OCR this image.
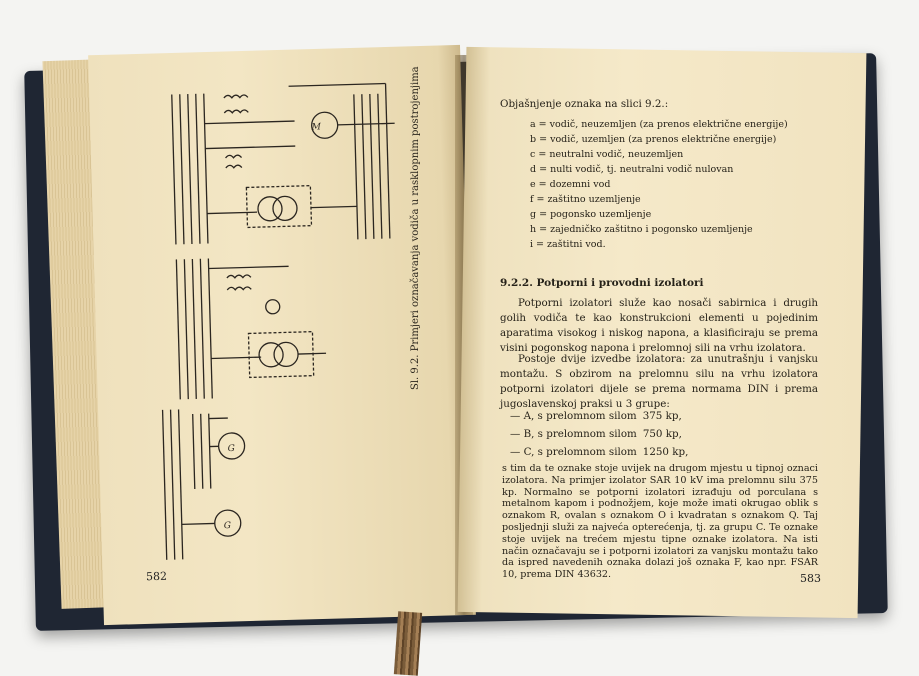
M
G
G
Sl. 9.2. Primjeri označavanja vodiča u rasklopnim postrojenjima
582
Objašnjenje oznaka na slici 9.2.:
a = vodič, neuzemljen (za prenos električne energije)
b = vodič, uzemljen (za prenos električne energije)
c = neutralni vodič, neuzemljen
d = nulti vodič, tj. neutralni vodič nulovan
e = dozemni vod
f = zaštitno uzemljenje
g = pogonsko uzemljenje
h = zajedničko zaštitno i pogonsko uzemljenje
i = zaštitni vod.
9.2.2. Potporni i provodni izolatori
Potporni izolatori služe kao nosači sabirnica i drugih golih vodiča te kao konstrukcioni elementi u pojedinim aparatima visokog i niskog napona, a klasificiraju se prema visini pogonskog napona i prelomnoj sili na vrhu izolatora.
Postoje dvije izvedbe izolatora: za unutrašnju i vanjsku montažu. S obzirom na prelomnu silu na vrhu izolatora potporni izolatori dijele se prema normama DIN i prema jugoslavenskoj praksi u 3 grupe:
— A, s prelomnom silom 375 kp,
— B, s prelomnom silom 750 kp,
— C, s prelomnom silom 1250 kp,
s tim da te oznake stoje uvijek na drugom mjestu u tipnoj oznaci izolatora. Na primjer izolator SAR 10 kV ima prelomnu silu 375 kp. Normalno se potporni izolatori izrađuju od porculana s metalnom kapom i podnožjem, koje može imati okrugao oblik s oznakom R, ovalan s oznakom O i kvadratan s oznakom Q. Taj posljednji služi za najveća opterećenja, tj. za grupu C. Te oznake stoje uvijek na trećem mjestu tipne oznake izolatora. Na isti način označavaju se i potporni izolatori za vanjsku montažu tako da ispred navedenih oznaka dolazi još oznaka F, kao npr. FSAR 10, prema DIN 43632.	583
